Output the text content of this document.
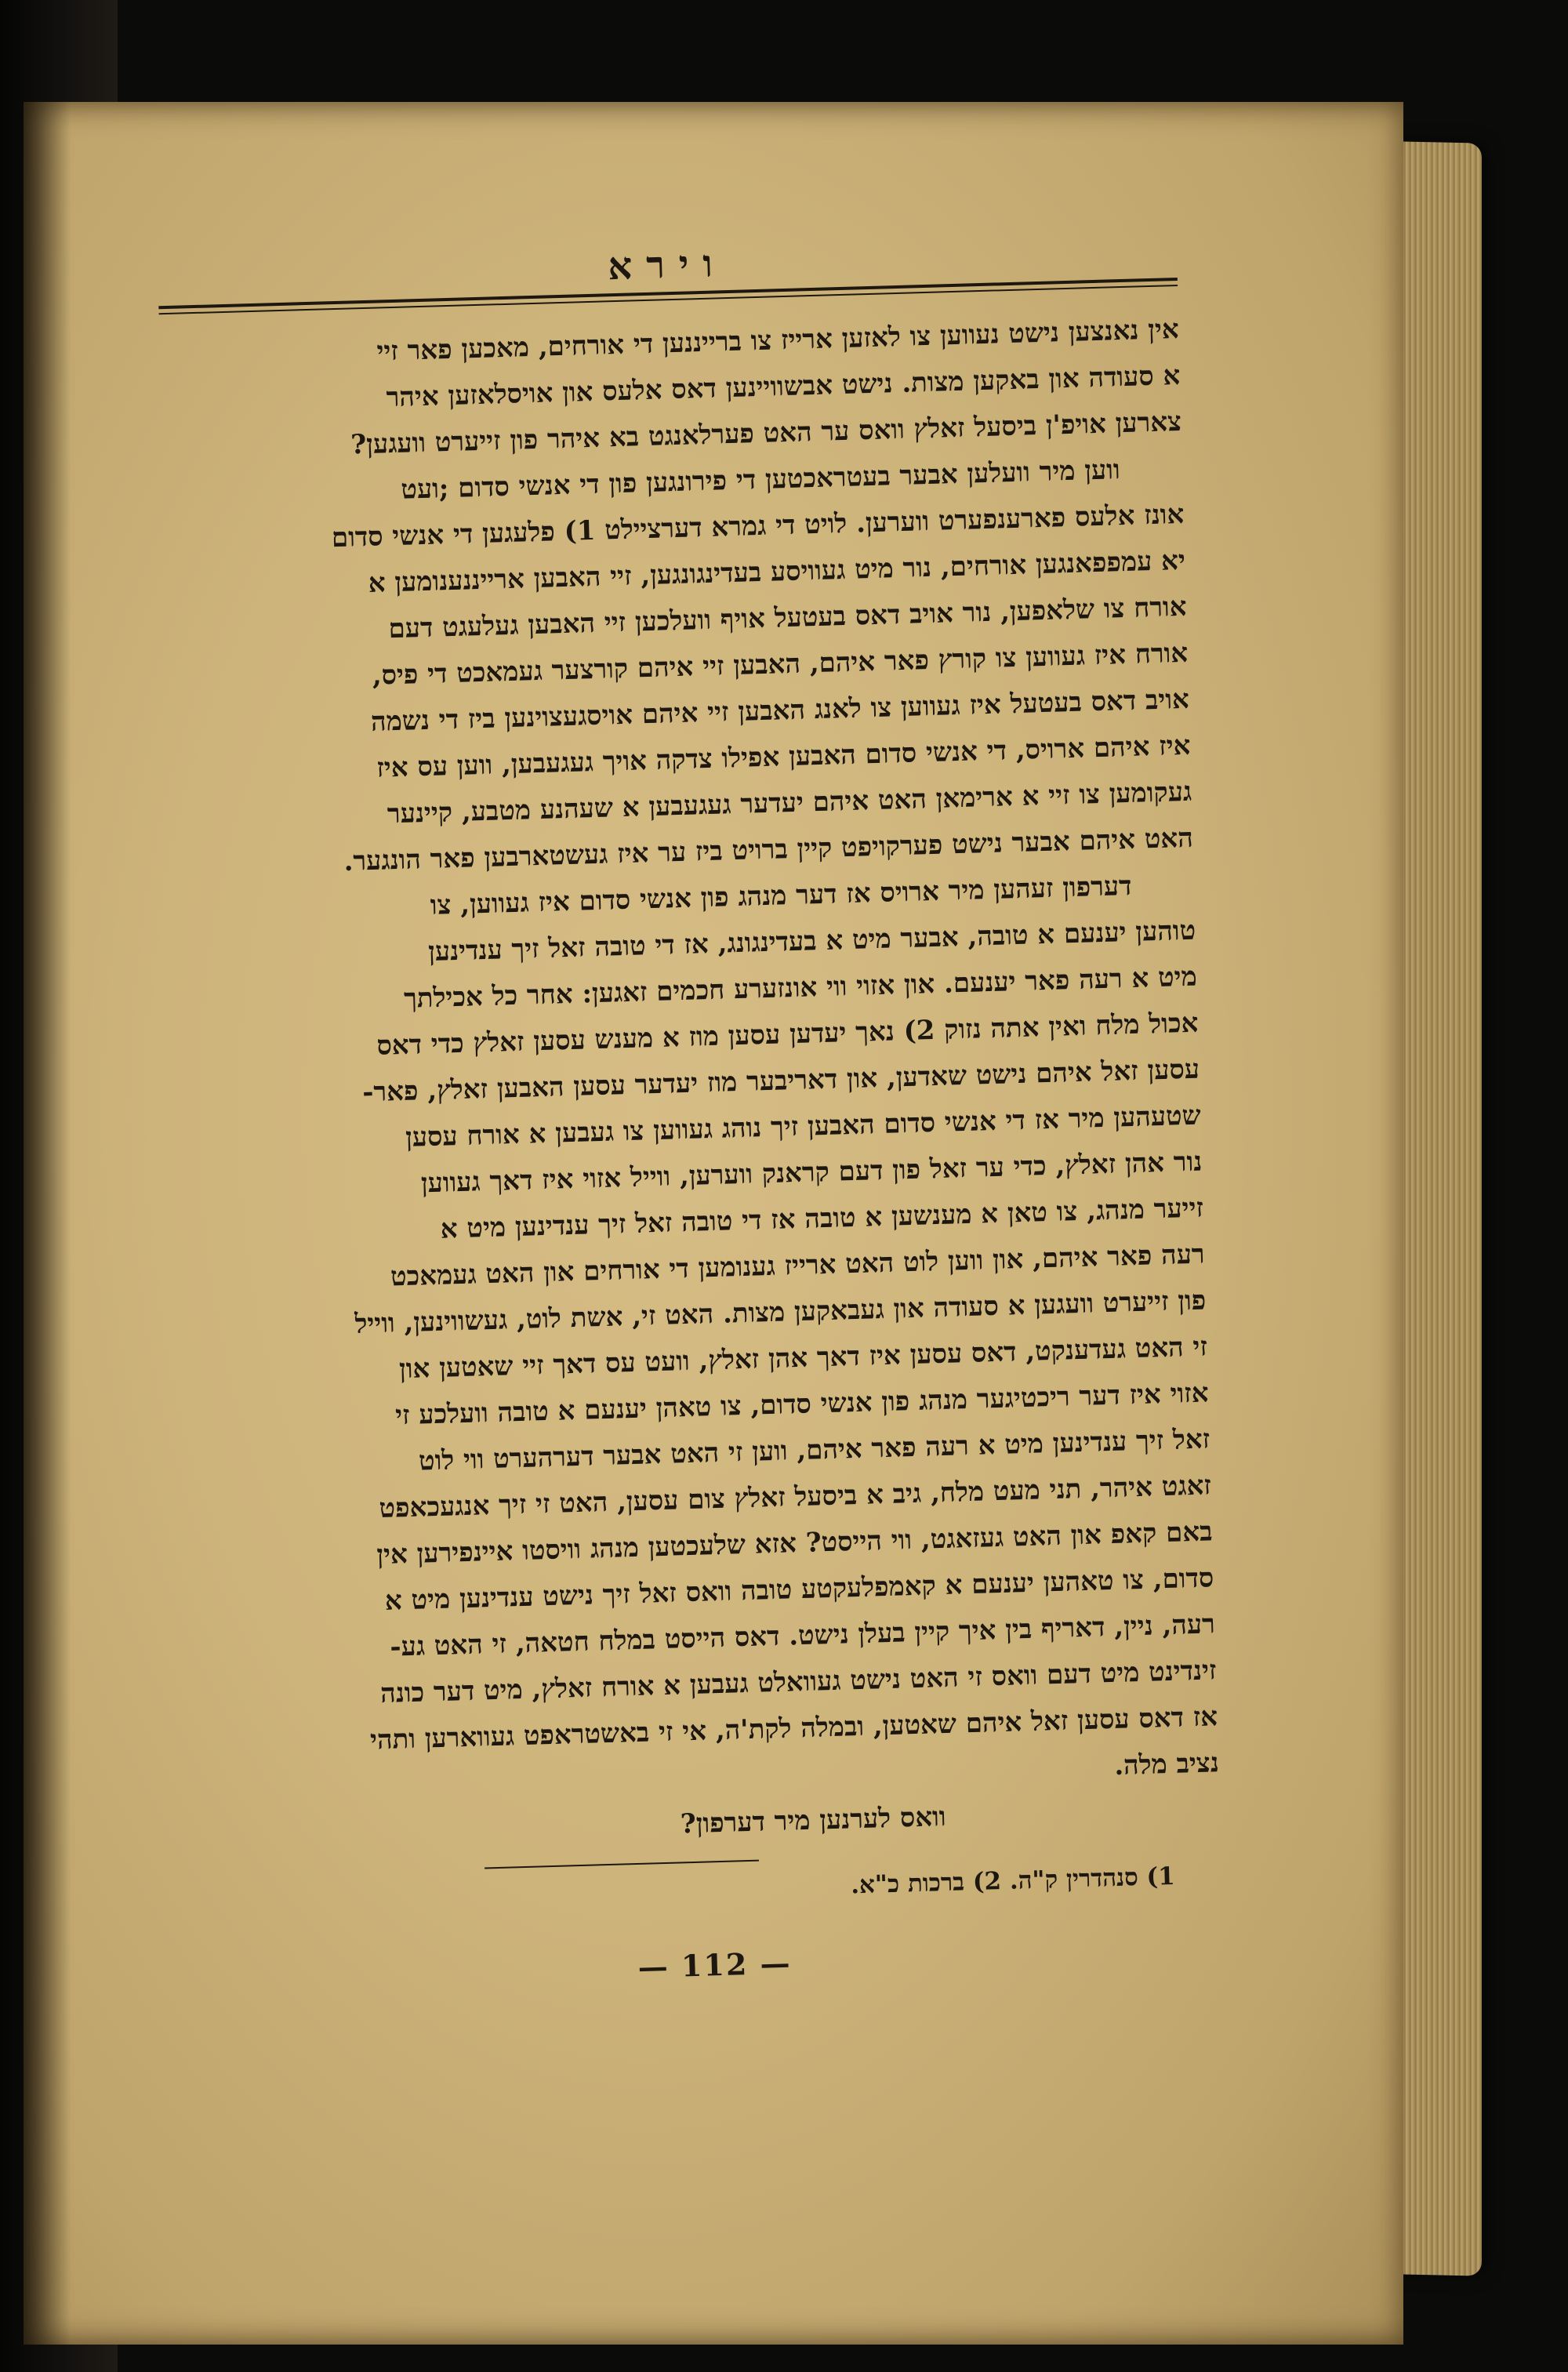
וירא
אין נאנצען נישט נעווען צו לאזען ארייז צו ברייננען די אורחים, מאכען פאר זיי
א סעודה און באקען מצות. נישט אבשוויינען דאס אלעס און אויסלאזען איהר
צארען אויפ'ן ביסעל זאלץ וואס ער האט פערלאנגט בא איהר פון זייערט וועגען?
ווען מיר וועלען אבער בעטראכטען די פירונגען פון די אנשי סדום ;ועט
אונז אלעס פארענפערט ווערען. לויט די גמרא דערציילט 1) פלעגען די אנשי סדום
יא עמפפאנגען אורחים, נור מיט געוויסע בעדינגונגען, זיי האבען ארייננענומען א
אורח צו שלאפען, נור אויב דאס בעטעל אויף וועלכען זיי האבען געלעגט דעם
אורח איז געווען צו קורץ פאר איהם, האבען זיי איהם קורצער געמאכט די פיס,
אויב דאס בעטעל איז געווען צו לאנג האבען זיי איהם אויסגעצוינען ביז די נשמה
איז איהם ארויס, די אנשי סדום האבען אפילו צדקה אויך געגעבען, ווען עס איז
געקומען צו זיי א ארימאן האט איהם יעדער געגעבען א שעהנע מטבע, קיינער
האט איהם אבער נישט פערקויפט קיין ברויט ביז ער איז געשטארבען פאר הונגער.
דערפון זעהען מיר ארויס אז דער מנהג פון אנשי סדום איז געווען, צו
טוהען יענעם א טובה, אבער מיט א בעדינגונג, אז די טובה זאל זיך ענדינען
מיט א רעה פאר יענעם. און אזוי ווי אונזערע חכמים זאגען: אחר כל אכילתך
אכול מלח ואין אתה נזוק 2) נאך יעדען עסען מוז א מענש עסען זאלץ כדי דאס
עסען זאל איהם נישט שאדען, און דאריבער מוז יעדער עסען האבען זאלץ, פאר-
שטעהען מיר אז די אנשי סדום האבען זיך נוהג געווען צו געבען א אורח עסען
נור אהן זאלץ, כדי ער זאל פון דעם קראנק ווערען, ווייל אזוי איז דאך געווען
זייער מנהג, צו טאן א מענשען א טובה אז די טובה זאל זיך ענדינען מיט א
רעה פאר איהם, און ווען לוט האט ארייז גענומען די אורחים און האט געמאכט
פון זייערט וועגען א סעודה און געבאקען מצות. האט זי, אשת לוט, געשווינען, ווייל
זי האט געדענקט, דאס עסען איז דאך אהן זאלץ, וועט עס דאך זיי שאטען און
אזוי איז דער ריכטיגער מנהג פון אנשי סדום, צו טאהן יענעם א טובה וועלכע זי
זאל זיך ענדינען מיט א רעה פאר איהם, ווען זי האט אבער דערהערט ווי לוט
זאגט איהר, תני מעט מלח, גיב א ביסעל זאלץ צום עסען, האט זי זיך אנגעכאפט
באם קאפ און האט געזאגט, ווי הייסט? אזא שלעכטען מנהג וויסטו איינפירען אין
סדום, צו טאהען יענעם א קאמפלעקטע טובה וואס זאל זיך נישט ענדינען מיט א
רעה, ניין, דאריף בין איך קיין בעלן נישט. דאס הייסט במלח חטאה, זי האט גע-
זינדינט מיט דעם וואס זי האט נישט געוואלט געבען א אורח זאלץ, מיט דער כונה
אז דאס עסען זאל איהם שאטען, ובמלה לקת'ה, אי זי באשטראפט געווארען ותהי
נציב מלה.
וואס לערנען מיר דערפון?
1) סנהדרין ק"ה. 2) ברכות כ"א.
— 112 —
